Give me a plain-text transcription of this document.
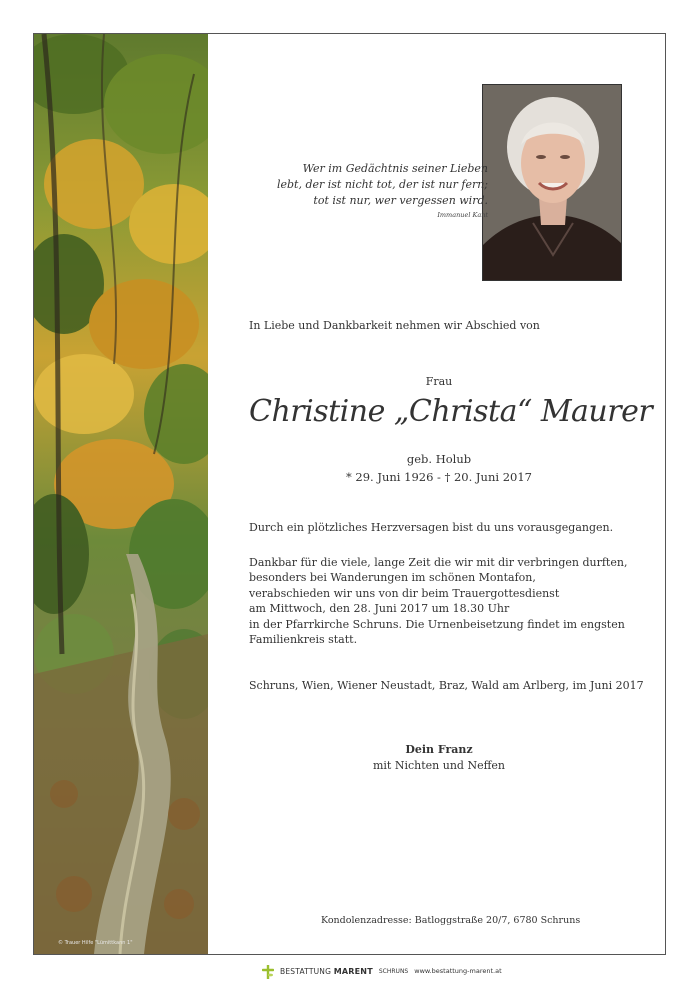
© Trauer Hilfe "Lümittkann 1"
Wer im Gedächtnis seiner Lieben
lebt, der ist nicht tot, der ist nur fern;
tot ist nur, wer vergessen wird.
Immanuel Kant
In Liebe und Dankbarkeit nehmen wir Abschied von
Frau
Christine „Christa“ Maurer
geb. Holub
* 29. Juni 1926 - † 20. Juni 2017
Durch ein plötzliches Herzversagen bist du uns vorausgegangen.
Dankbar für die viele, lange Zeit die wir mit dir verbringen durften,
besonders bei Wanderungen im schönen Montafon,
verabschieden wir uns von dir beim Trauergottesdienst
am Mittwoch, den 28. Juni 2017 um 18.30 Uhr
in der Pfarrkirche Schruns. Die Urnenbeisetzung findet im engsten
Familienkreis statt.
Schruns, Wien, Wiener Neustadt, Braz, Wald am Arlberg, im Juni 2017
Dein Franz
mit Nichten und Neffen
Kondolenzadresse: Batloggstraße 20/7, 6780 Schruns
BESTATTUNG MARENT SCHRUNS www.bestattung-marent.at
